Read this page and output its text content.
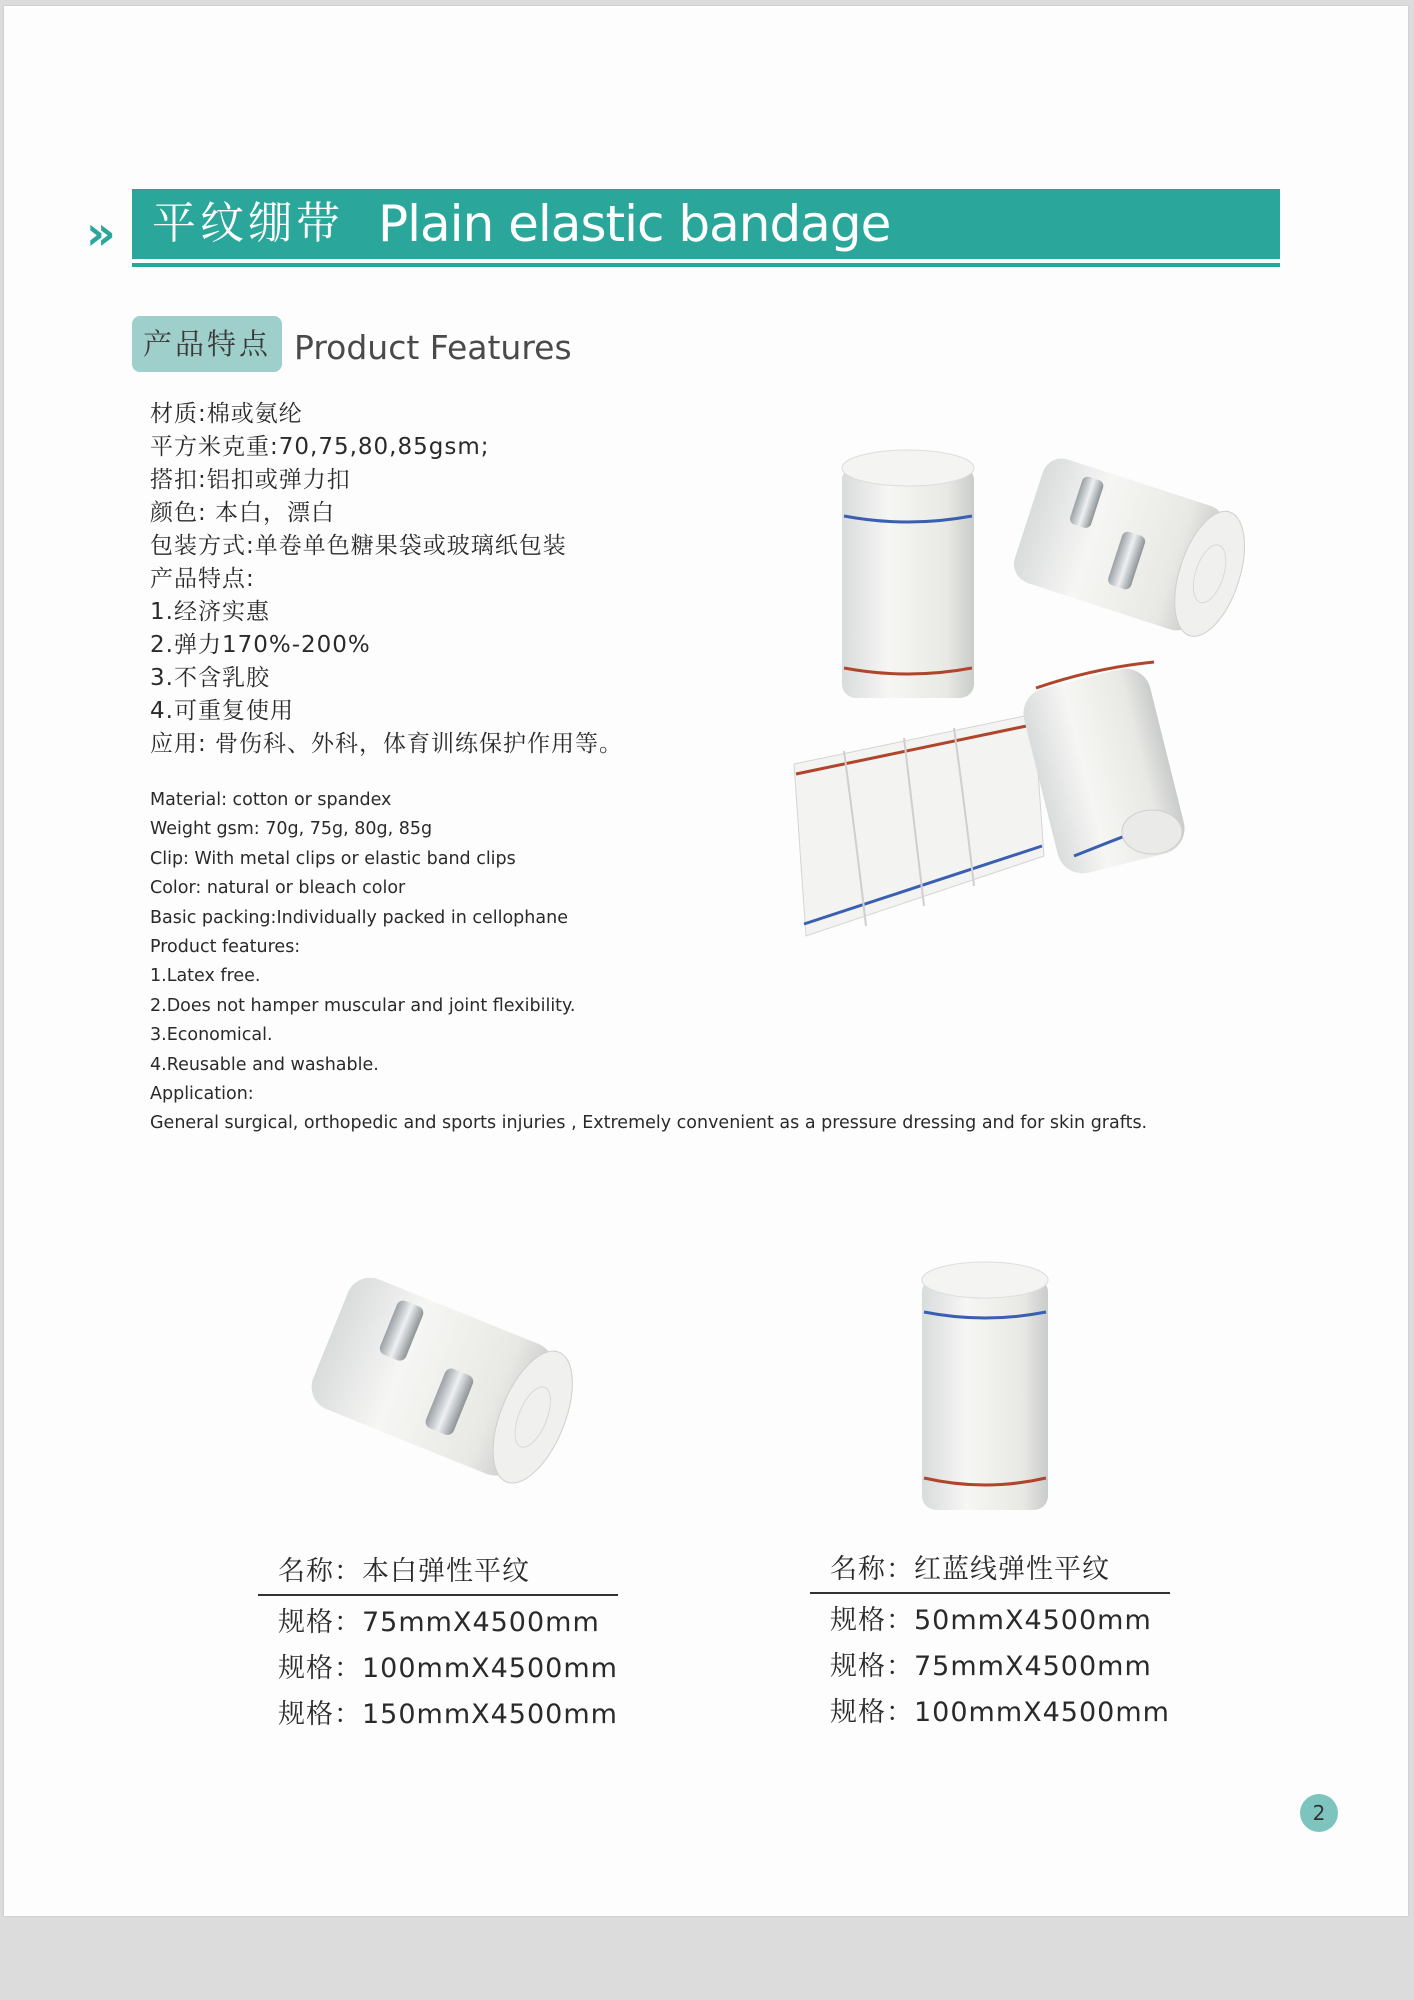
» 平纹绷带 Plain elastic bandage
产品特点 Product Features
材质:棉或氨纶
平方米克重:70,75,80,85gsm;
搭扣:铝扣或弹力扣
颜色: 本白，漂白
包装方式:单卷单色糖果袋或玻璃纸包装
产品特点:
1.经济实惠
2.弹力170%-200%
3.不含乳胶
4.可重复使用
应用: 骨伤科、外科，体育训练保护作用等。
Material: cotton or spandex
Weight gsm: 70g, 75g, 80g, 85g
Clip: With metal clips or elastic band clips
Color: natural or bleach color
Basic packing:Individually packed in cellophane
Product features:
1.Latex free.
2.Does not hamper muscular and joint flexibility.
3.Economical.
4.Reusable and washable.
Application:
General surgical, orthopedic and sports injuries , Extremely convenient as a pressure dressing and for skin grafts.
名称：本白弹性平纹
规格：75mmX4500mm
规格：100mmX4500mm
规格：150mmX4500mm
名称：红蓝线弹性平纹
规格：50mmX4500mm
规格：75mmX4500mm
规格：100mmX4500mm
2
